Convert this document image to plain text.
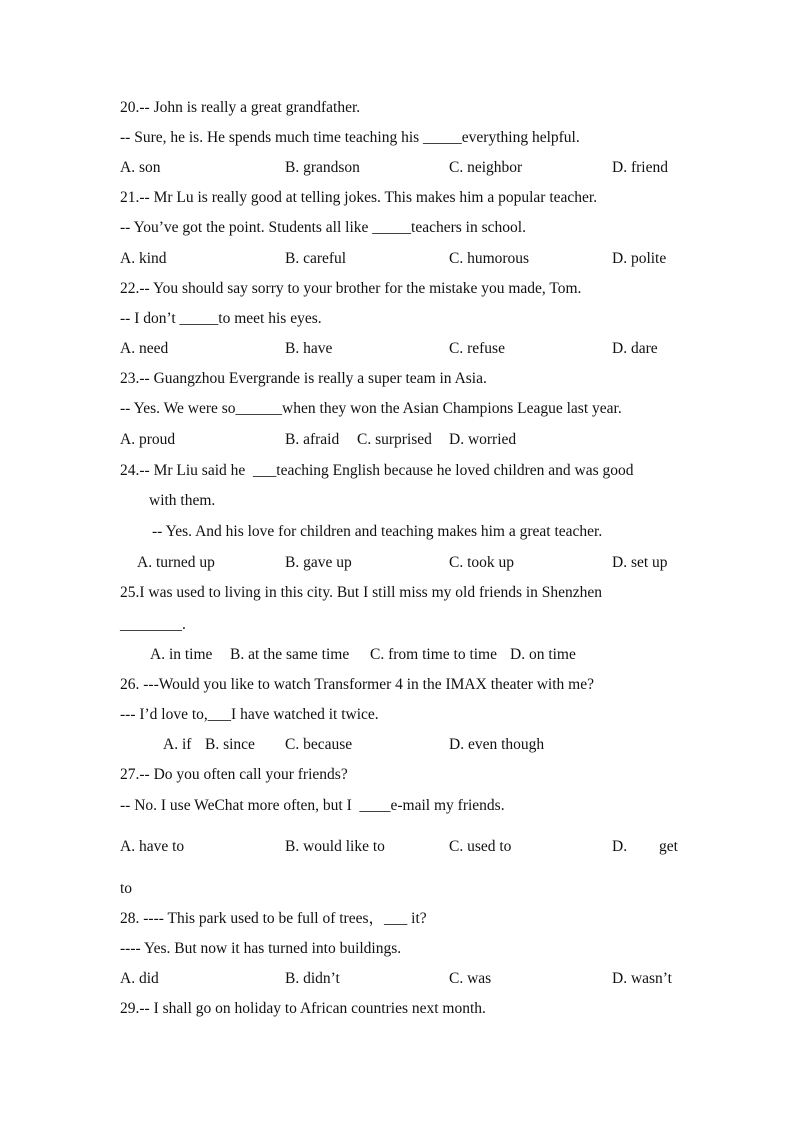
20.-- John is really a great grandfather.
-- Sure, he is. He spends much time teaching his _____everything helpful.
A. son	B. grandson	C. neighbor	D. friend
21.-- Mr Lu is really good at telling jokes. This makes him a popular teacher.
-- You’ve got the point. Students all like _____teachers in school.
A. kind	B. careful	C. humorous	D. polite
22.-- You should say sorry to your brother for the mistake you made, Tom.
-- I don’t _____to meet his eyes.
A. need	B. have	C. refuse	D. dare
23.-- Guangzhou Evergrande is really a super team in Asia.
-- Yes. We were so______when they won the Asian Champions League last year.
A. proud	B. afraid C. surprised D. worried
24.-- Mr Liu said he  ___teaching English because he loved children and was good
with them.
-- Yes. And his love for children and teaching makes him a great teacher.
A. turned up	B. gave up	C. took up	D. set up
25.I was used to living in this city. But I still miss my old friends in Shenzhen
________.
A. in time B. at the same time C. from time to time D. on time
26. ---Would you like to watch Transformer 4 in the IMAX theater with me?
--- I’d love to,___I have watched it twice.
A. if B. since C. because	D. even though
27.-- Do you often call your friends?
-- No. I use WeChat more often, but I  ____e-mail my friends.
A. have to	B. would like to	C. used to	D. get
to
28. ---- This park used to be full of trees，___ it?
---- Yes. But now it has turned into buildings.
A. did	B. didn’t	C. was	D. wasn’t
29.-- I shall go on holiday to African countries next month.
